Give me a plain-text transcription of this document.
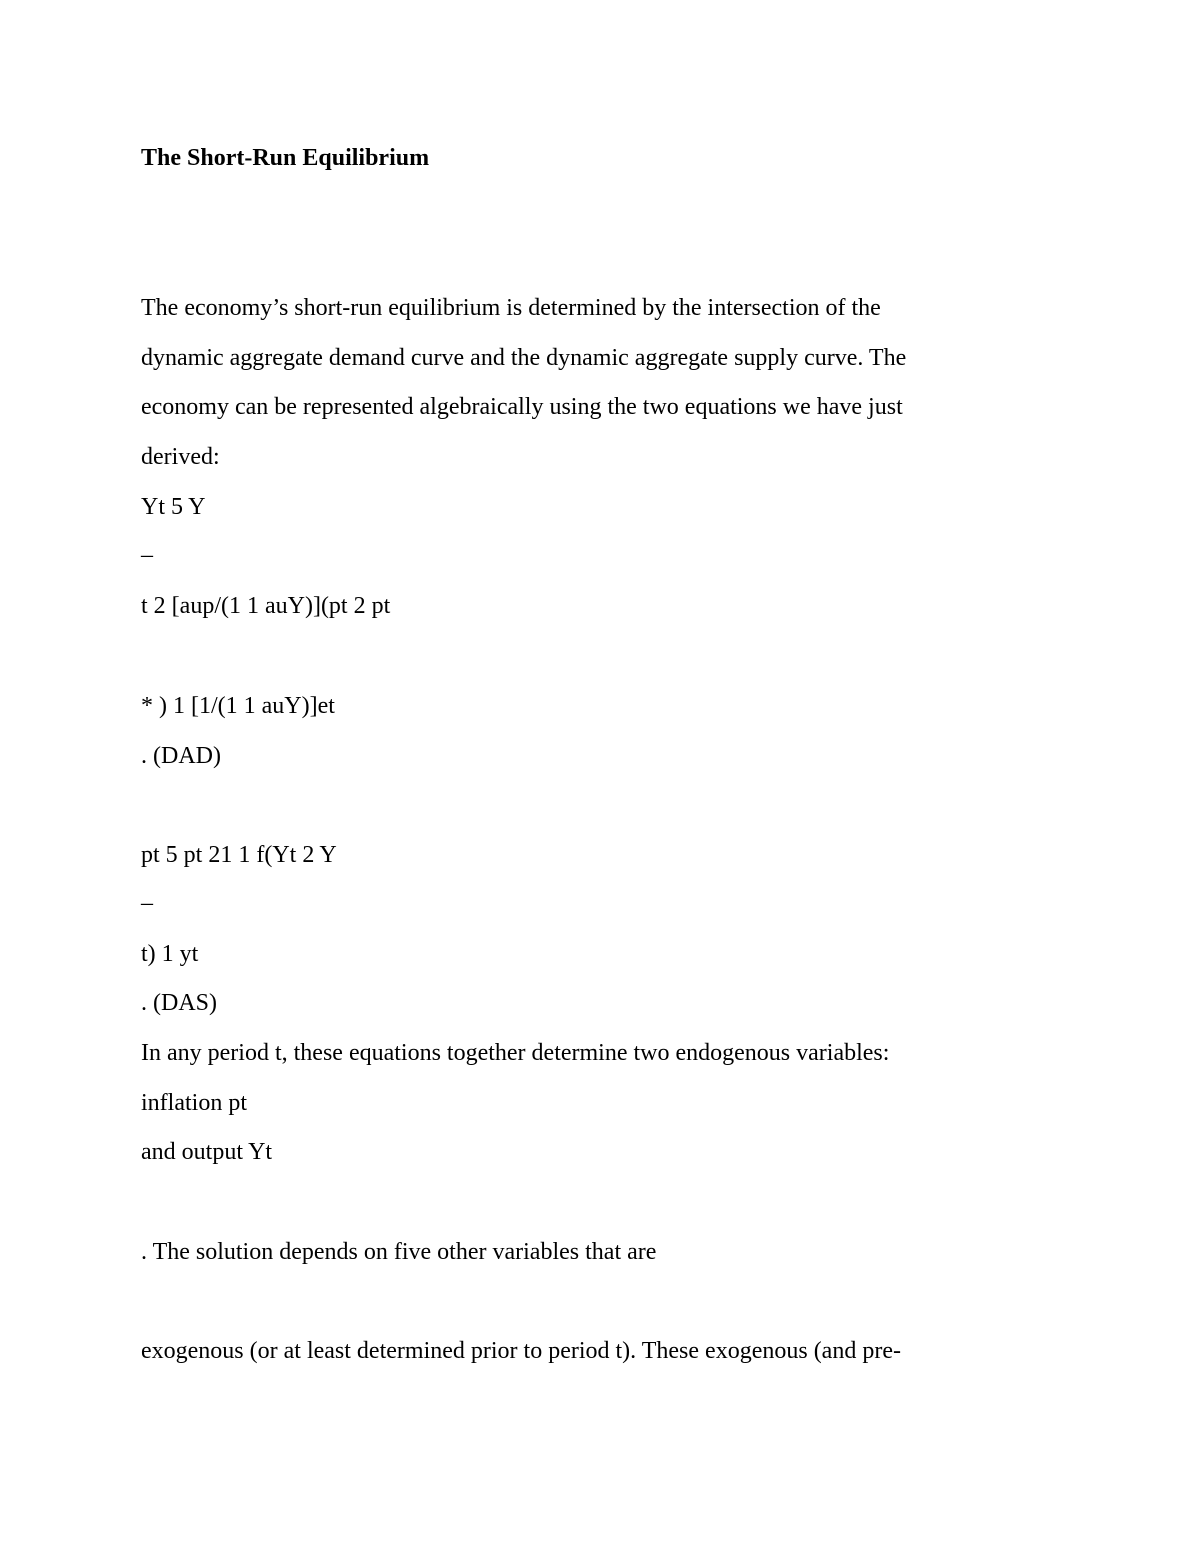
The Short-Run Equilibrium

The economy’s short-run equilibrium is determined by the intersection of the

dynamic aggregate demand curve and the dynamic aggregate supply curve. The

economy can be represented algebraically using the two equations we have just

derived:

Yt 5 Y

–

t 2 [aup/(1 1 auY)](pt 2 pt

* ) 1 [1/(1 1 auY)]et

. (DAD)

pt 5 pt 21 1 f(Yt 2 Y

–

t) 1 yt

. (DAS)

In any period t, these equations together determine two endogenous variables:

inflation pt

and output Yt

. The solution depends on five other variables that are

exogenous (or at least determined prior to period t). These exogenous (and pre-
